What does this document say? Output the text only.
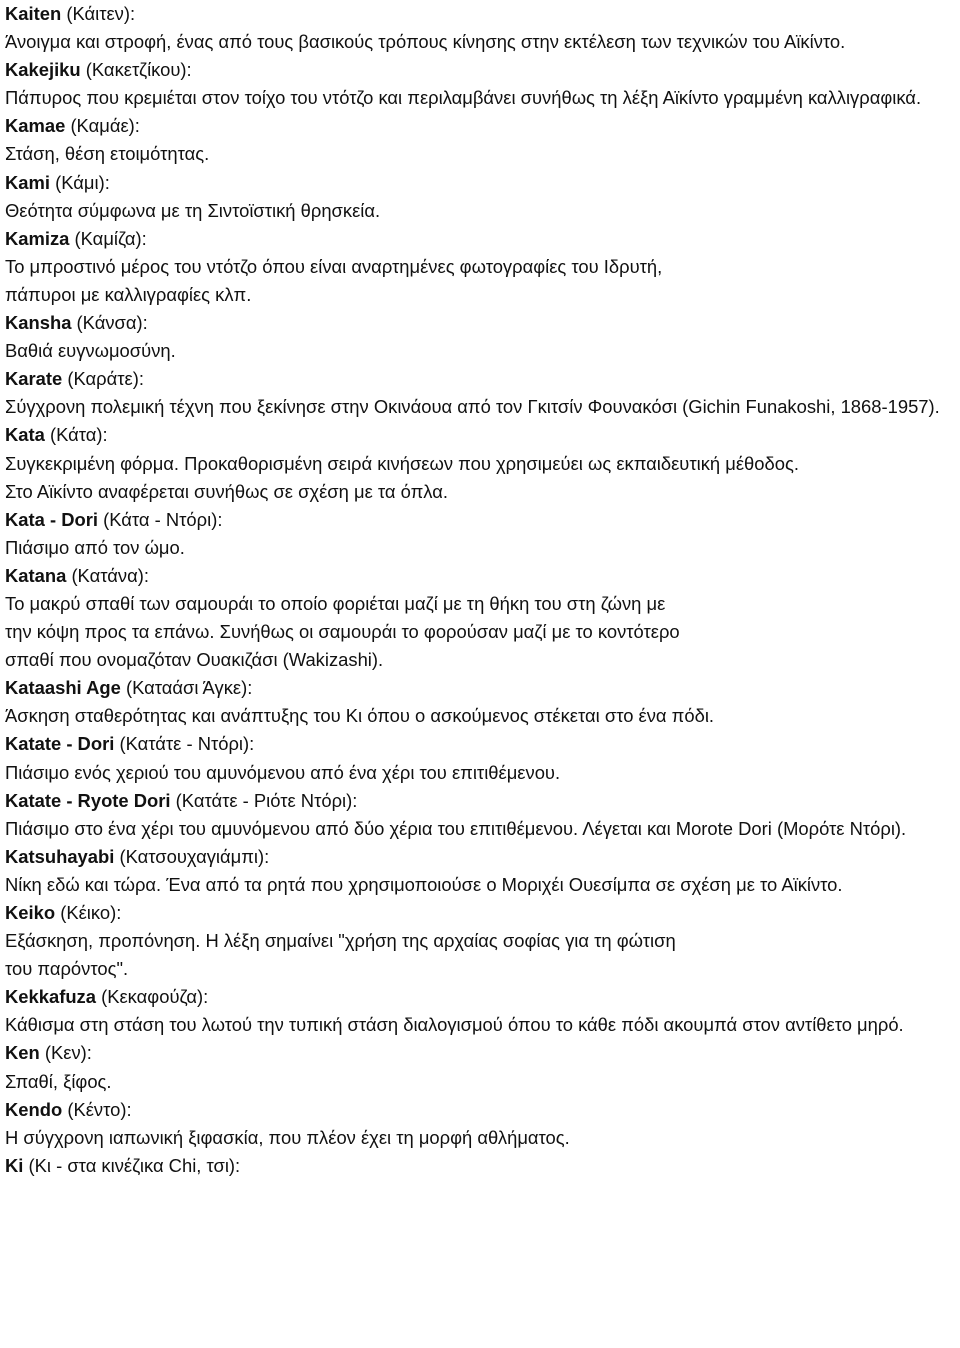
Kaiten (Κάιτεν):

Άνοιγμα και στροφή, ένας από τους βασικούς τρόπους κίνησης στην εκτέλεση των τεχνικών του Αϊκίντο.

Kakejiku (Κακετζίκου):

Πάπυρος που κρεμιέται στον τοίχο του ντότζο και περιλαμβάνει συνήθως τη λέξη Αϊκίντο γραμμένη καλλιγραφικά.

Kamae (Καμάε):

Στάση, θέση ετοιμότητας.

Kami (Κάμι):

Θεότητα σύμφωνα με τη Σιντοϊστική θρησκεία.

Kamiza (Καμίζα):

Το μπροστινό μέρος του ντότζο όπου είναι αναρτημένες φωτογραφίες του Ιδρυτή,
πάπυροι με καλλιγραφίες κλπ.

Kansha (Κάνσα):

Βαθιά ευγνωμοσύνη.

Karate (Καράτε):

Σύγχρονη πολεμική τέχνη που ξεκίνησε στην Οκινάουα από τον Γκιτσίν Φουνακόσι (Gichin Funakoshi, 1868-1957).

Kata (Κάτα):

Συγκεκριμένη φόρμα. Προκαθορισμένη σειρά κινήσεων που χρησιμεύει ως εκπαιδευτική μέθοδος.
Στο Αϊκίντο αναφέρεται συνήθως σε σχέση με τα όπλα.

Kata - Dori (Κάτα - Ντόρι):

Πιάσιμο από τον ώμο.

Katana (Κατάνα):

Το μακρύ σπαθί των σαμουράι το οποίο φοριέται μαζί με τη θήκη του στη ζώνη με
την κόψη προς τα επάνω. Συνήθως οι σαμουράι το φορούσαν μαζί με το κοντότερο
σπαθί που ονομαζόταν Ουακιζάσι (Wakizashi).

Kataashi Age (Καταάσι Άγκε):

Άσκηση σταθερότητας και ανάπτυξης του Κι όπου ο ασκούμενος στέκεται στο ένα πόδι.

Katate - Dori (Κατάτε - Ντόρι):

Πιάσιμο ενός χεριού του αμυνόμενου από ένα χέρι του επιτιθέμενου.

Katate - Ryote Dori (Κατάτε - Ριότε Ντόρι):

Πιάσιμο στο ένα χέρι του αμυνόμενου από δύο χέρια του επιτιθέμενου. Λέγεται και Morote Dori (Μορότε Ντόρι).

Katsuhayabi (Κατσουχαγιάμπι):

Νίκη εδώ και τώρα. Ένα από τα ρητά που χρησιμοποιούσε ο Μοριχέι Ουεσίμπα σε σχέση με το Αϊκίντο.

Keiko (Κέικο):

Εξάσκηση, προπόνηση. Η λέξη σημαίνει "χρήση της αρχαίας σοφίας για τη φώτιση
του παρόντος".

Kekkafuza (Κεκαφούζα):

Κάθισμα στη στάση του λωτού την τυπική στάση διαλογισμού όπου το κάθε πόδι ακουμπά στον αντίθετο μηρό.

Ken (Κεν):

Σπαθί, ξίφος.

Kendo (Κέντο):

Η σύγχρονη ιαπωνική ξιφασκία, που πλέον έχει τη μορφή αθλήματος.

Ki (Κι - στα κινέζικα Chi, τσι):
